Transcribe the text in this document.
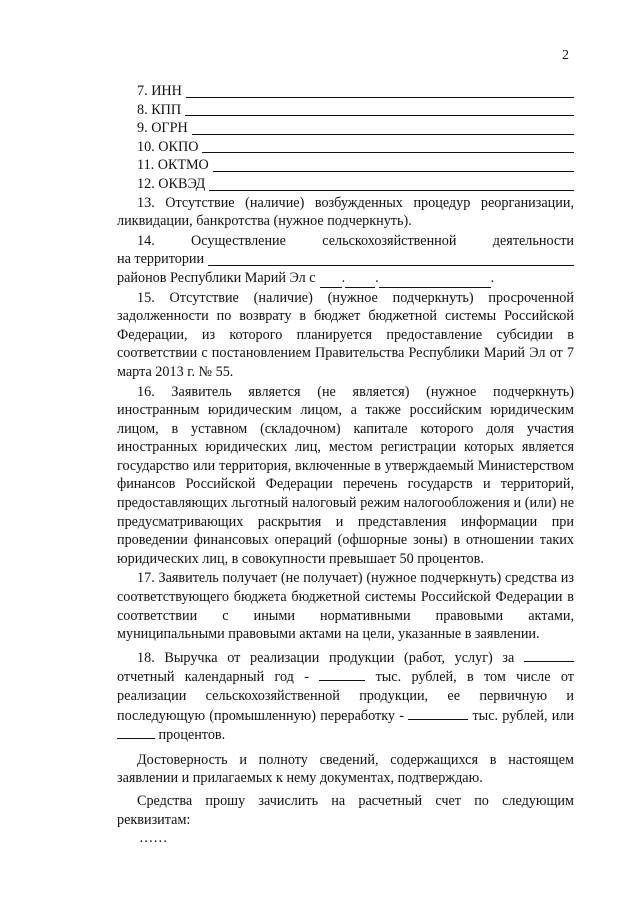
2
7. ИНН
8. КПП
9. ОГРН
10. ОКПО
11. ОКТМО
12. ОКВЭД

13. Отсутствие (наличие) возбужденных процедур реорганизации, ликвидации, банкротства (нужное подчеркнуть).

14. Осуществление сельскохозяйственной деятельности

на территории
районов Республики Марий Эл с . .	.

15. Отсутствие (наличие) (нужное подчеркнуть) просроченной задолженности по возврату в бюджет бюджетной системы Российской Федерации, из которого планируется предоставление субсидии в соответствии с постановлением Правительства Республики Марий Эл от 7 марта 2013 г. № 55.

16. Заявитель является (не является) (нужное подчеркнуть) иностранным юридическим лицом, а также российским юридическим лицом, в уставном (складочном) капитале которого доля участия иностранных юридических лиц, местом регистрации которых является государство или территория, включенные в утверждаемый Министерством финансов Российской Федерации перечень государств и территорий, предоставляющих льготный налоговый режим налогообложения и (или) не предусматривающих раскрытия и представления информации при проведении финансовых операций (офшорные зоны) в отношении таких юридических лиц, в совокупности превышает 50 процентов.

17. Заявитель получает (не получает) (нужное подчеркнуть) средства из соответствующего бюджета бюджетной системы Российской Федерации в соответствии с иными нормативными правовыми актами, муниципальными правовыми актами на цели, указанные в заявлении.

18. Выручка от реализации продукции (работ, услуг) за  отчетный календарный год -	тыс. рублей, в том числе от реализации сельскохозяйственной продукции, ее первичную и последующую (промышленную) переработку -	тыс. рублей, или  процентов.

Достоверность и полноту сведений, содержащихся в настоящем заявлении и прилагаемых к нему документах, подтверждаю.

Средства прошу зачислить на расчетный счет по следующим реквизитам:

……
